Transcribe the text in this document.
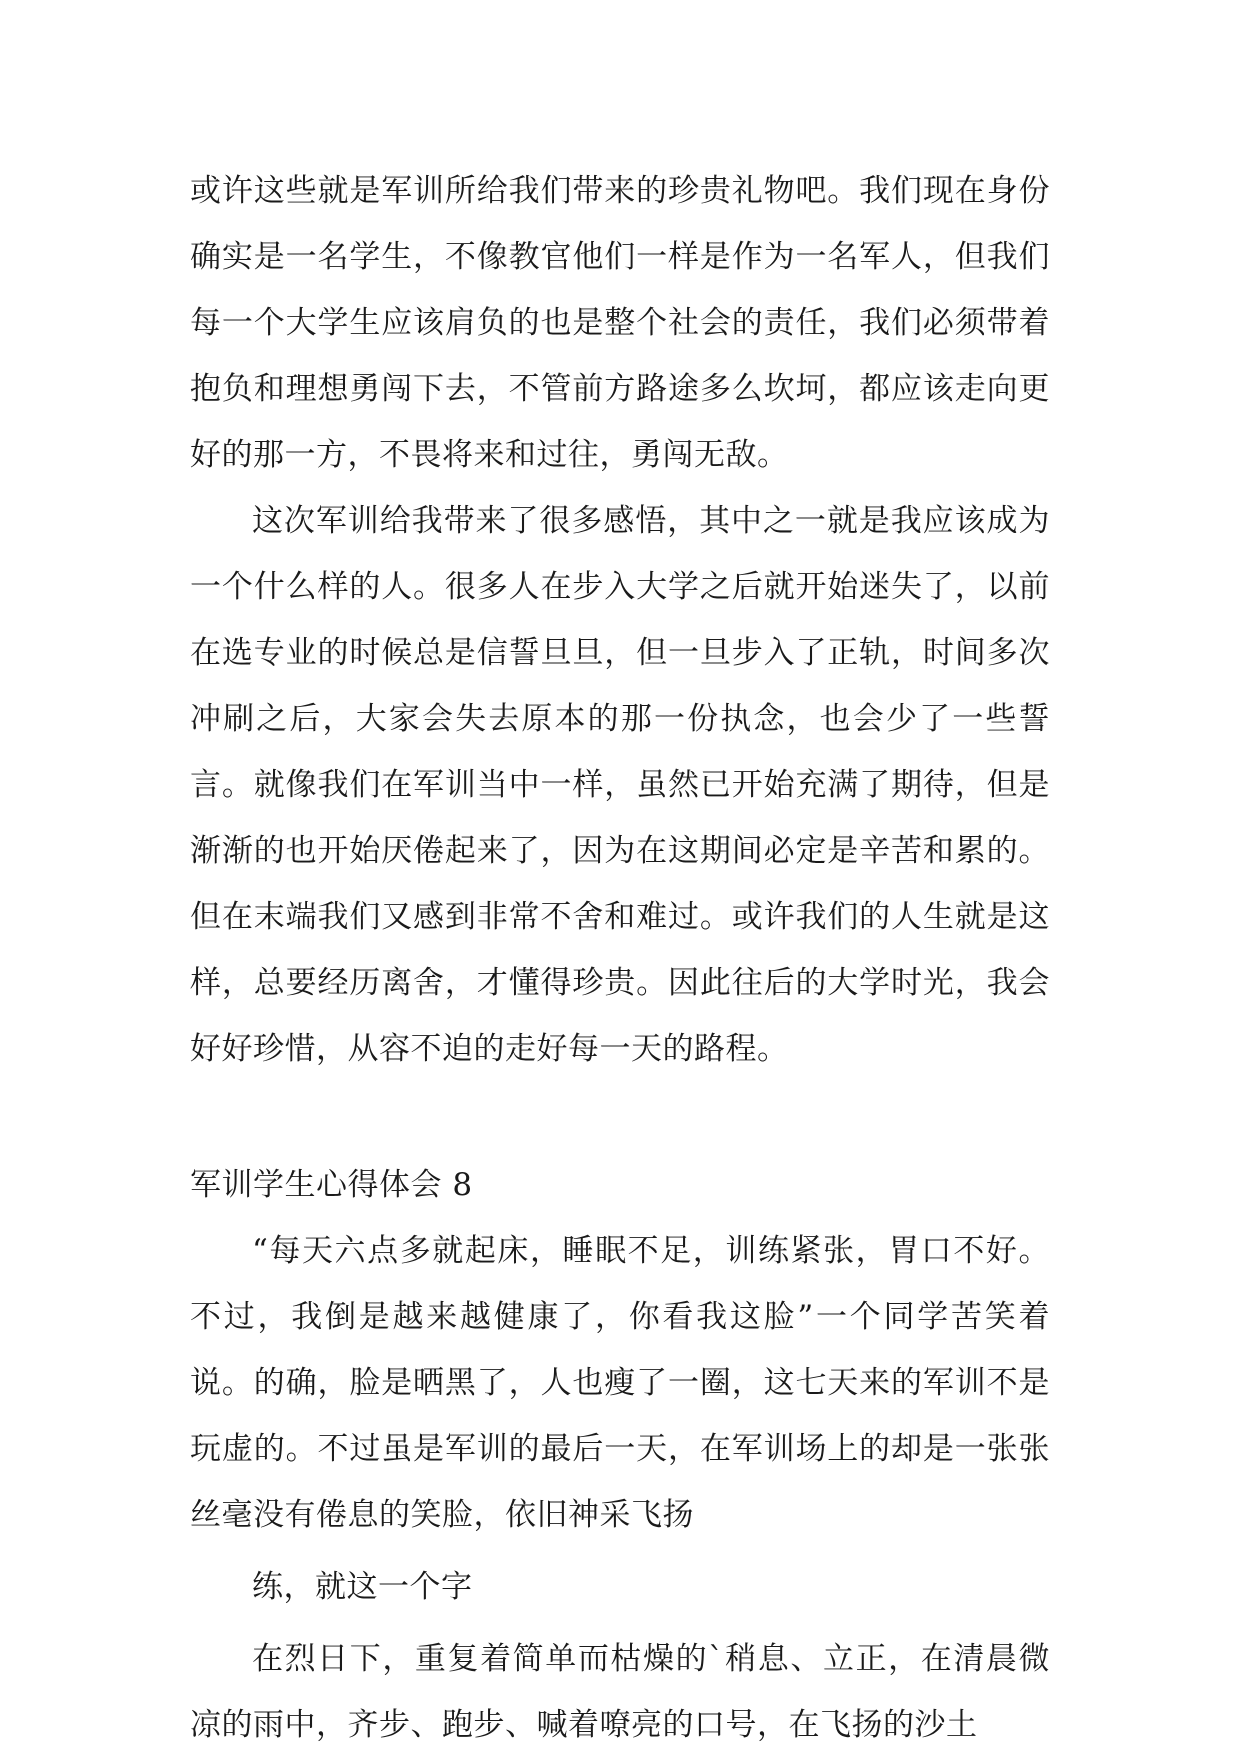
或许这些就是军训所给我们带来的珍贵礼物吧。我们现在身份确实是一名学生，不像教官他们一样是作为一名军人，但我们每一个大学生应该肩负的也是整个社会的责任，我们必须带着抱负和理想勇闯下去，不管前方路途多么坎坷，都应该走向更好的那一方，不畏将来和过往，勇闯无敌。

这次军训给我带来了很多感悟，其中之一就是我应该成为一个什么样的人。很多人在步入大学之后就开始迷失了，以前在选专业的时候总是信誓旦旦，但一旦步入了正轨，时间多次冲刷之后，大家会失去原本的那一份执念，也会少了一些誓言。就像我们在军训当中一样，虽然已开始充满了期待，但是渐渐的也开始厌倦起来了，因为在这期间必定是辛苦和累的。但在末端我们又感到非常不舍和难过。或许我们的人生就是这样，总要经历离舍，才懂得珍贵。因此往后的大学时光，我会好好珍惜，从容不迫的走好每一天的路程。

军训学生心得体会 8

“每天六点多就起床，睡眠不足，训练紧张，胃口不好。不过，我倒是越来越健康了，你看我这脸”一个同学苦笑着说。的确，脸是晒黑了，人也瘦了一圈，这七天来的军训不是玩虚的。不过虽是军训的最后一天，在军训场上的却是一张张丝毫没有倦息的笑脸，依旧神采飞扬

练，就这一个字

在烈日下，重复着简单而枯燥的`稍息、立正，在清晨微凉的雨中，齐步、跑步、喊着嘹亮的口号，在飞扬的沙土
